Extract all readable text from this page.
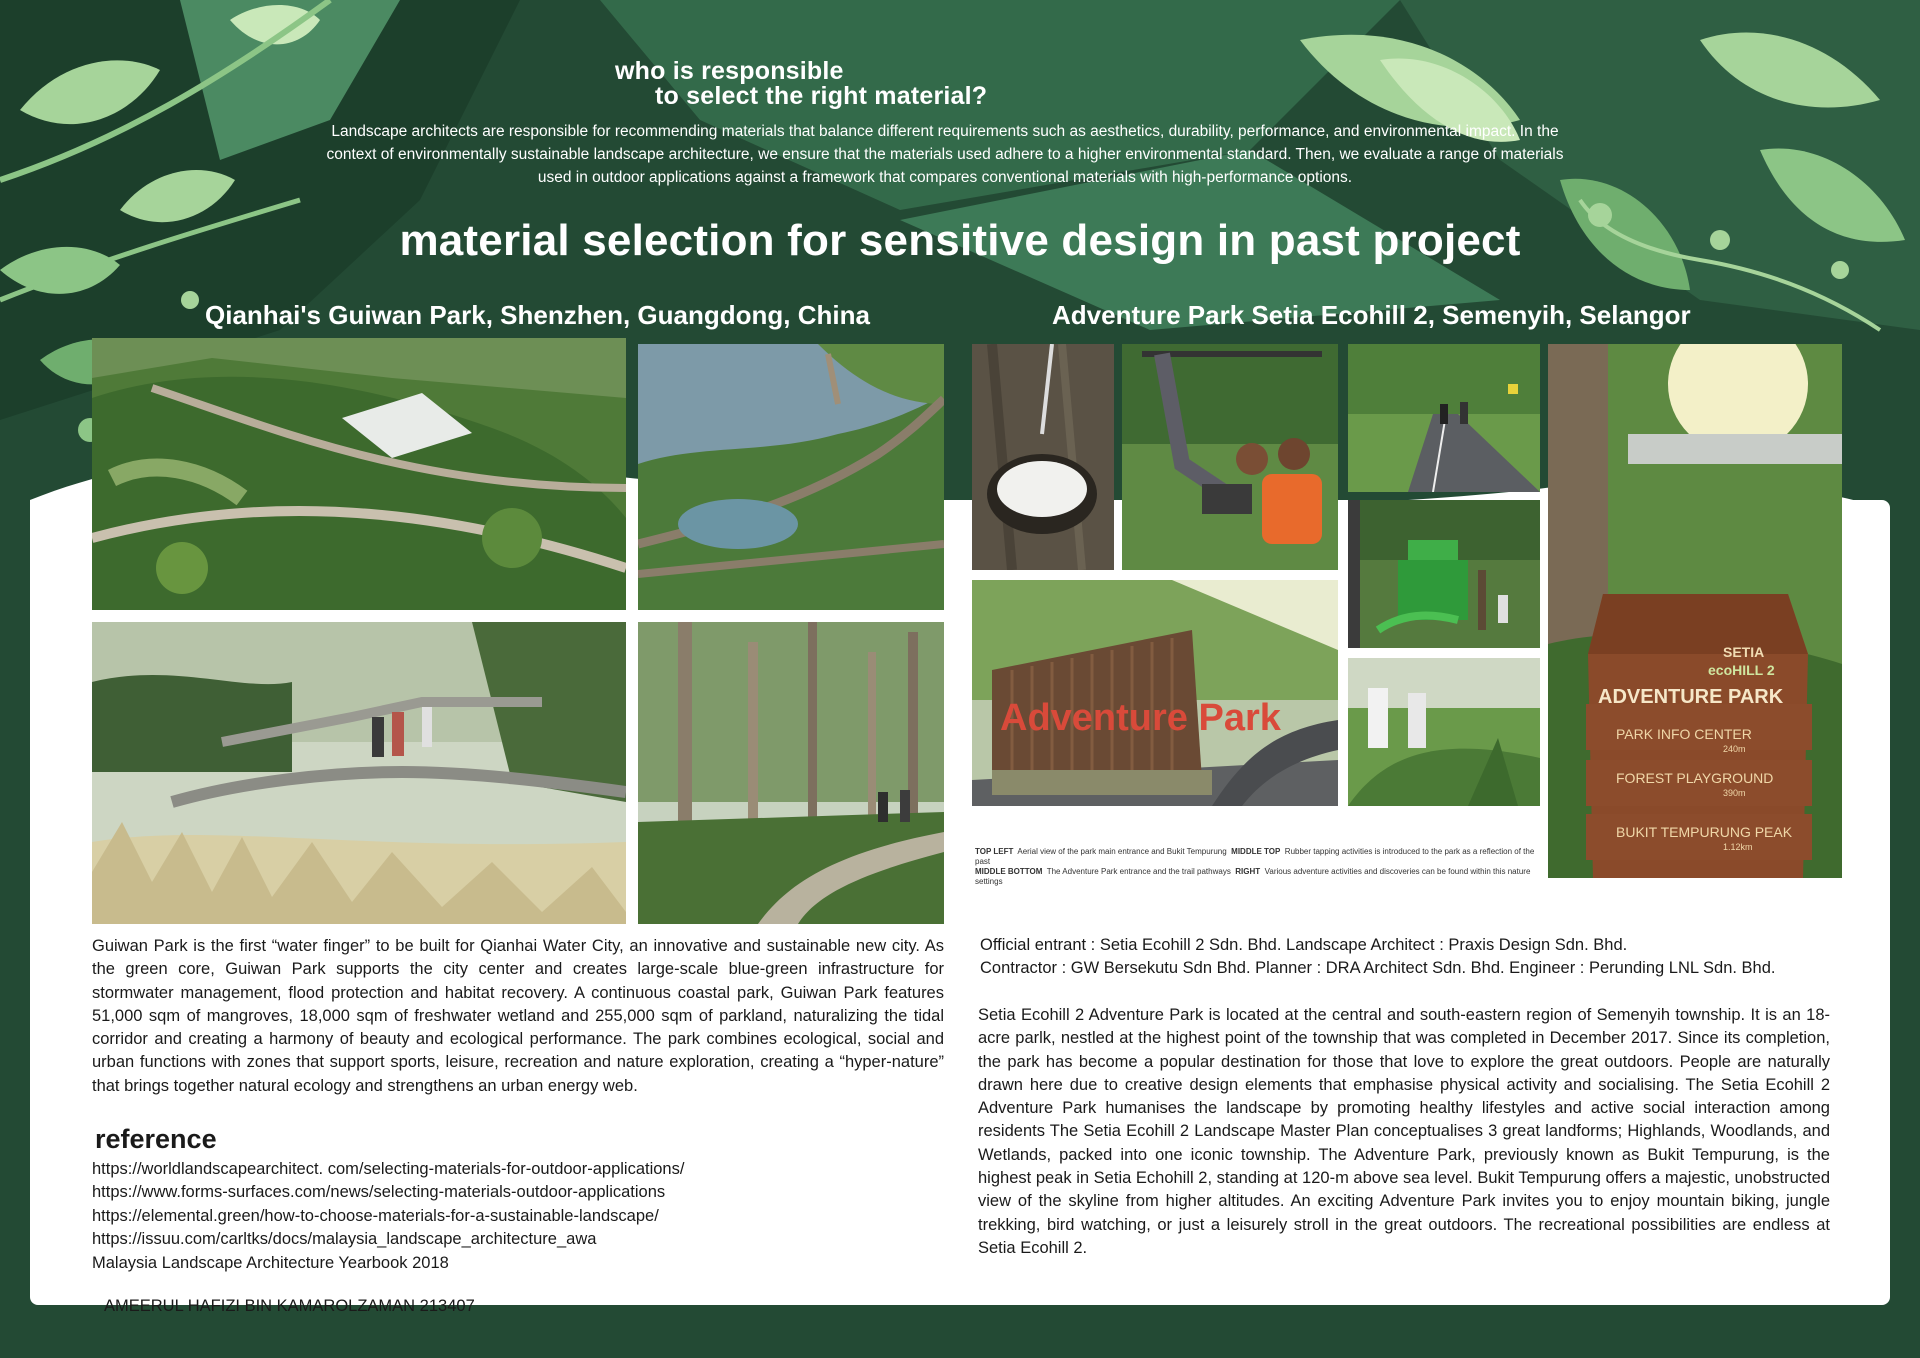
who is responsible
to select the right material?
Landscape architects are responsible for recommending materials that balance different requirements such as aesthetics, durability, performance, and environmental impact. In the context of environmentally sustainable landscape architecture, we ensure that the materials used adhere to a higher environmental standard. Then, we evaluate a range of materials used in outdoor applications against a framework that compares conventional materials with high-performance options.
material selection for sensitive design in past project
Qianhai's Guiwan Park, Shenzhen, Guangdong, China	Adventure Park Setia Ecohill 2, Semenyih, Selangor
Adventure Park
SETIA
ecoHILL 2
ADVENTURE PARK
PARK INFO CENTER
240m
FOREST PLAYGROUND
390m
BUKIT TEMPURUNG PEAK
1.12km
TOP LEFT Aerial view of the park main entrance and Bukit Tempurung MIDDLE TOP Rubber tapping activities is introduced to the park as a reflection of the past
MIDDLE BOTTOM The Adventure Park entrance and the trail pathways RIGHT Various adventure activities and discoveries can be found within this nature settings
Guiwan Park is the first “water finger” to be built for Qianhai Water City, an innovative and sustainable new city. As the green core, Guiwan Park supports the city center and creates large-scale blue-green infrastructure for stormwater management, flood protection and habitat recovery. A continuous coastal park, Guiwan Park features 51,000 sqm of mangroves, 18,000 sqm of freshwater wetland and 255,000 sqm of parkland, naturalizing the tidal corridor and creating a harmony of beauty and ecological performance. The park combines ecological, social and urban functions with zones that support sports, leisure, recreation and nature exploration, creating a “hyper-nature” that brings together natural ecology and strengthens an urban energy web.
Official entrant : Setia Ecohill 2 Sdn. Bhd. Landscape Architect : Praxis Design Sdn. Bhd.
Contractor : GW Bersekutu Sdn Bhd. Planner : DRA Architect Sdn. Bhd. Engineer : Perunding LNL Sdn. Bhd.
Setia Ecohill 2 Adventure Park is located at the central and south-eastern region of Semenyih township. It is an 18-acre parlk, nestled at the highest point of the township that was completed in December 2017. Since its completion, the park has become a popular destination for those that love to explore the great outdoors. People are naturally drawn here due to creative design elements that emphasise physical activity and socialising. The Setia Ecohill 2 Adventure Park humanises the landscape by promoting healthy lifestyles and active social interaction among residents The Setia Ecohill 2 Landscape Master Plan conceptualises 3 great landforms; Highlands, Woodlands, and Wetlands, packed into one iconic township. The Adventure Park, previously known as Bukit Tempurung, is the highest peak in Setia Echohill 2, standing at 120-m above sea level. Bukit Tempurung offers a majestic, unobstructed view of the skyline from higher altitudes. An exciting Adventure Park invites you to enjoy mountain biking, jungle trekking, bird watching, or just a leisurely stroll in the great outdoors. The recreational possibilities are endless at Setia Ecohill 2.
reference
https://worldlandscapearchitect. com/selecting-materials-for-outdoor-applications/
https://www.forms-surfaces.com/news/selecting-materials-outdoor-applications
https://elemental.green/how-to-choose-materials-for-a-sustainable-landscape/
https://issuu.com/carltks/docs/malaysia_landscape_architecture_awa
Malaysia Landscape Architecture Yearbook 2018
AMEERUL HAFIZI BIN KAMAROLZAMAN 213407
